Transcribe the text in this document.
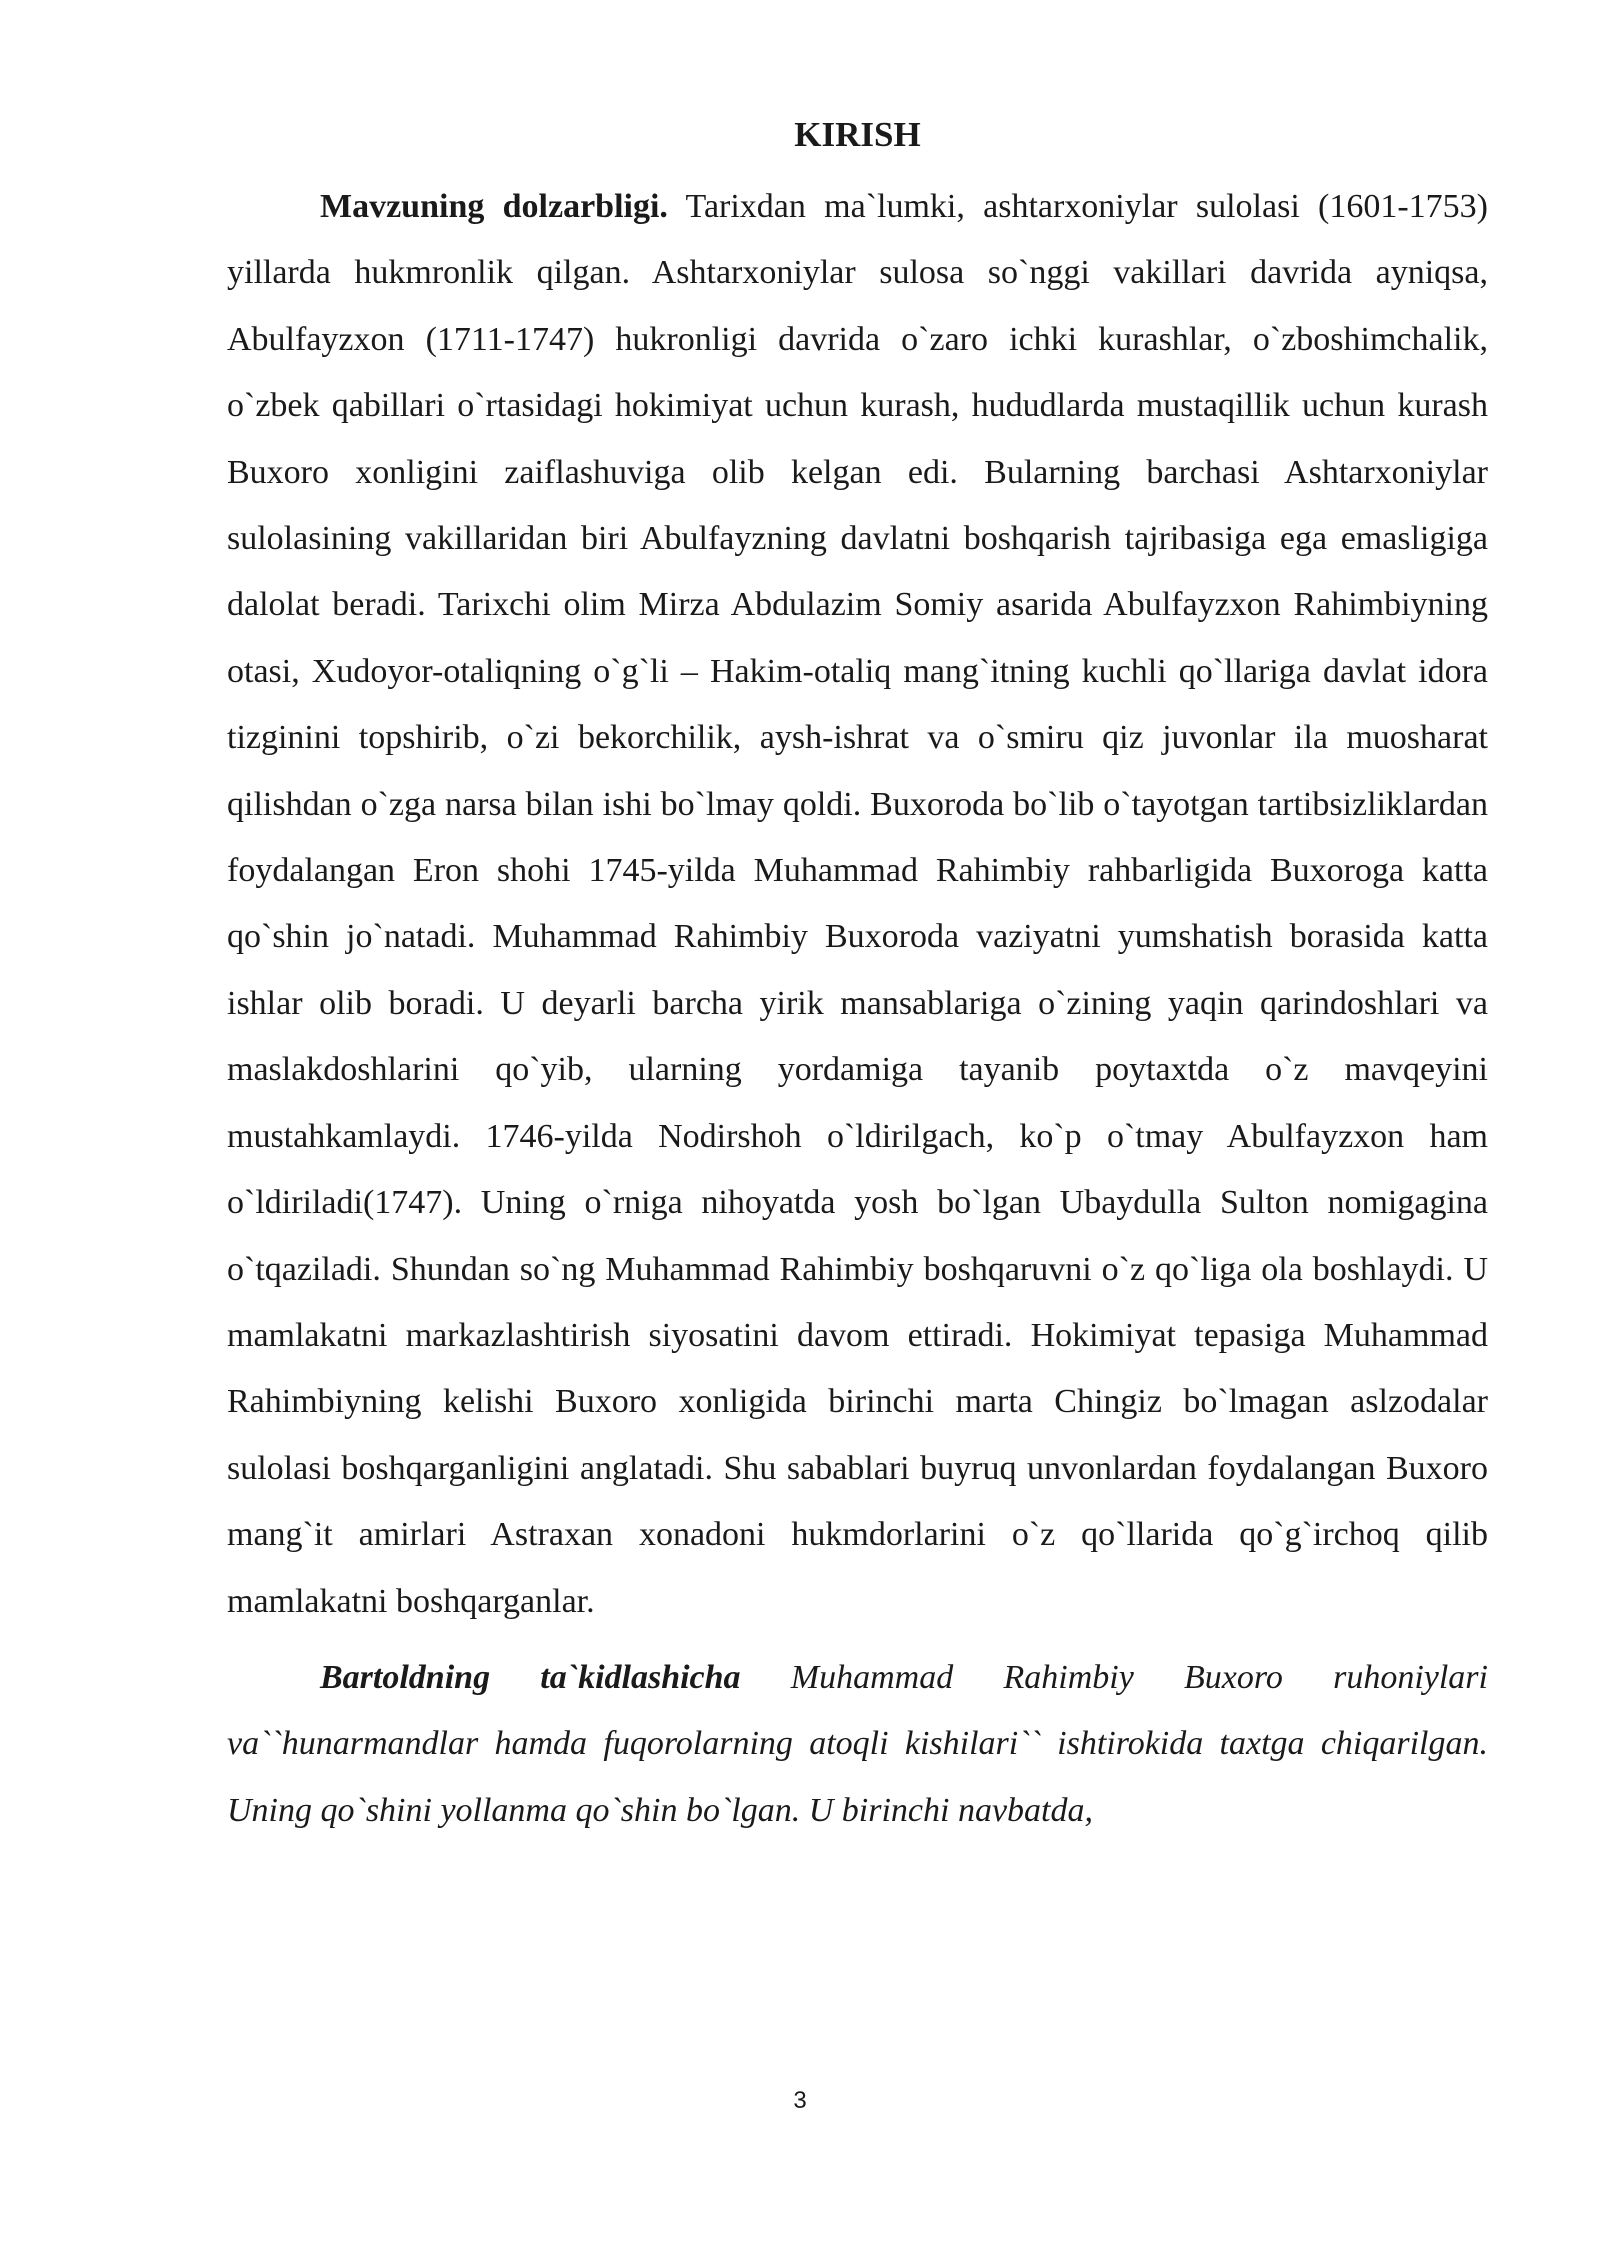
KIRISH

Mavzuning dolzarbligi. Tarixdan ma`lumki, ashtarxoniylar sulolasi (1601-1753) yillarda hukmronlik qilgan. Ashtarxoniylar sulosa so`nggi vakillari davrida ayniqsa, Abulfayzxon (1711-1747) hukronligi davrida o`zaro ichki kurashlar, o`zboshimchalik, o`zbek qabillari o`rtasidagi hokimiyat uchun kurash, hududlarda mustaqillik uchun kurash Buxoro xonligini zaiflashuviga olib kelgan edi. Bularning barchasi Ashtarxoniylar sulolasining vakillaridan biri Abulfayzning davlatni boshqarish tajribasiga ega emasligiga dalolat beradi. Tarixchi olim Mirza Abdulazim Somiy asarida Abulfayzxon Rahimbiyning otasi, Xudoyor-otaliqning o`g`li – Hakim-otaliq mang`itning kuchli qo`llariga davlat idora tizginini topshirib, o`zi bekorchilik, aysh-ishrat va o`smiru qiz juvonlar ila muosharat qilishdan o`zga narsa bilan ishi bo`lmay qoldi. Buxoroda bo`lib o`tayotgan tartibsizliklardan foydalangan Eron shohi 1745-yilda Muhammad Rahimbiy rahbarligida Buxoroga katta qo`shin jo`natadi. Muhammad Rahimbiy Buxoroda vaziyatni yumshatish borasida katta ishlar olib boradi. U deyarli barcha yirik mansablariga o`zining yaqin qarindoshlari va maslakdoshlarini qo`yib, ularning yordamiga tayanib poytaxtda o`z mavqeyini mustahkamlaydi. 1746-yilda Nodirshoh o`ldirilgach, ko`p o`tmay Abulfayzxon ham o`ldiriladi(1747). Uning o`rniga nihoyatda yosh bo`lgan Ubaydulla Sulton nomigagina o`tqaziladi. Shundan so`ng Muhammad Rahimbiy boshqaruvni o`z qo`liga ola boshlaydi. U mamlakatni markazlashtirish siyosatini davom ettiradi. Hokimiyat tepasiga Muhammad Rahimbiyning kelishi Buxoro xonligida birinchi marta Chingiz bo`lmagan aslzodalar sulolasi boshqarganligini anglatadi. Shu sabablari buyruq unvonlardan foydalangan Buxoro mang`it amirlari Astraxan xonadoni hukmdorlarini o`z qo`llarida qo`g`irchoq qilib mamlakatni boshqarganlar.

Bartoldning ta`kidlashicha Muhammad Rahimbiy Buxoro ruhoniylari va``hunarmandlar hamda fuqorolarning atoqli kishilari`` ishtirokida taxtga chiqarilgan. Uning qo`shini yollanma qo`shin bo`lgan. U birinchi navbatda,

3
